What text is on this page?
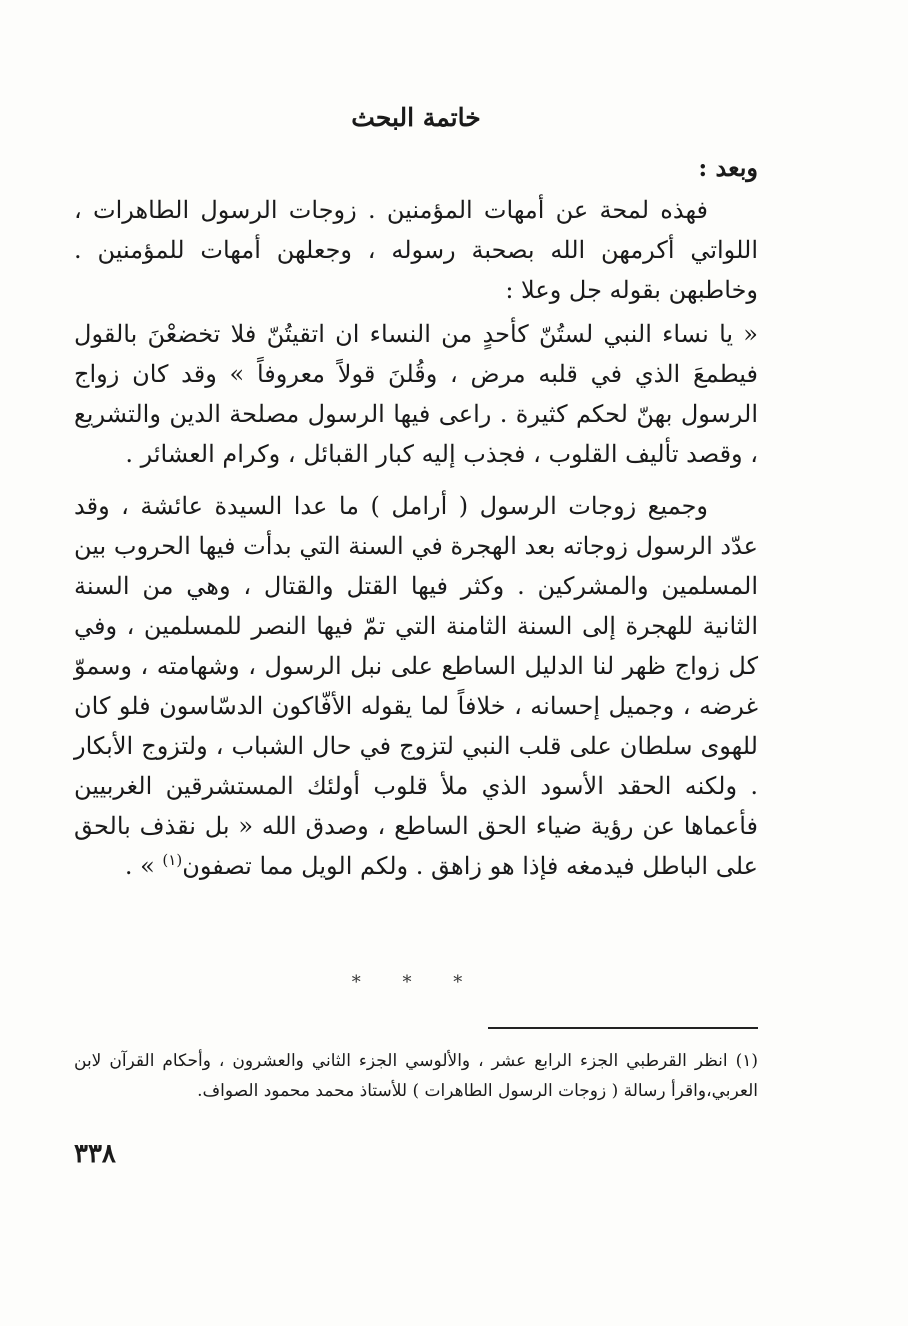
خاتمة البحث
وبعد :

فهذه لمحة عن أمهات المؤمنين . زوجات الرسول الطاهرات ، اللواتي أكرمهن الله بصحبة رسوله ، وجعلهن أمهات للمؤمنين . وخاطبهن بقوله جل وعلا :

« يا نساء النبي لستُنّ كأحدٍ من النساء ان اتقيتُنّ فلا تخضعْنَ بالقول فيطمعَ الذي في قلبه مرض ، وقُلنَ قولاً معروفاً » وقد كان زواج الرسول بهنّ لحكم كثيرة . راعى فيها الرسول مصلحة الدين والتشريع ، وقصد تأليف القلوب ، فجذب إليه كبار القبائل ، وكرام العشائر .

وجميع زوجات الرسول ( أرامل ) ما عدا السيدة عائشة ، وقد عدّد الرسول زوجاته بعد الهجرة في السنة التي بدأت فيها الحروب بين المسلمين والمشركين . وكثر فيها القتل والقتال ، وهي من السنة الثانية للهجرة إلى السنة الثامنة التي تمّ فيها النصر للمسلمين ، وفي كل زواج ظهر لنا الدليل الساطع على نبل الرسول ، وشهامته ، وسموّ غرضه ، وجميل إحسانه ، خلافاً لما يقوله الأفّاكون الدسّاسون فلو كان للهوى سلطان على قلب النبي لتزوج في حال الشباب ، ولتزوج الأبكار . ولكنه الحقد الأسود الذي ملأ قلوب أولئك المستشرقين الغربيين فأعماها عن رؤية ضياء الحق الساطع ، وصدق الله « بل نقذف بالحق على الباطل فيدمغه فإذا هو زاهق . ولكم الويل مما تصفون$^{(١)}$ » .

* * *
(١) انظر القرطبي الجزء الرابع عشر ، والألوسي الجزء الثاني والعشرون ، وأحكام القرآن لابن العربي،واقرأ رسالة ( زوجات الرسول الطاهرات ) للأستاذ محمد محمود الصواف.
٣٣٨
